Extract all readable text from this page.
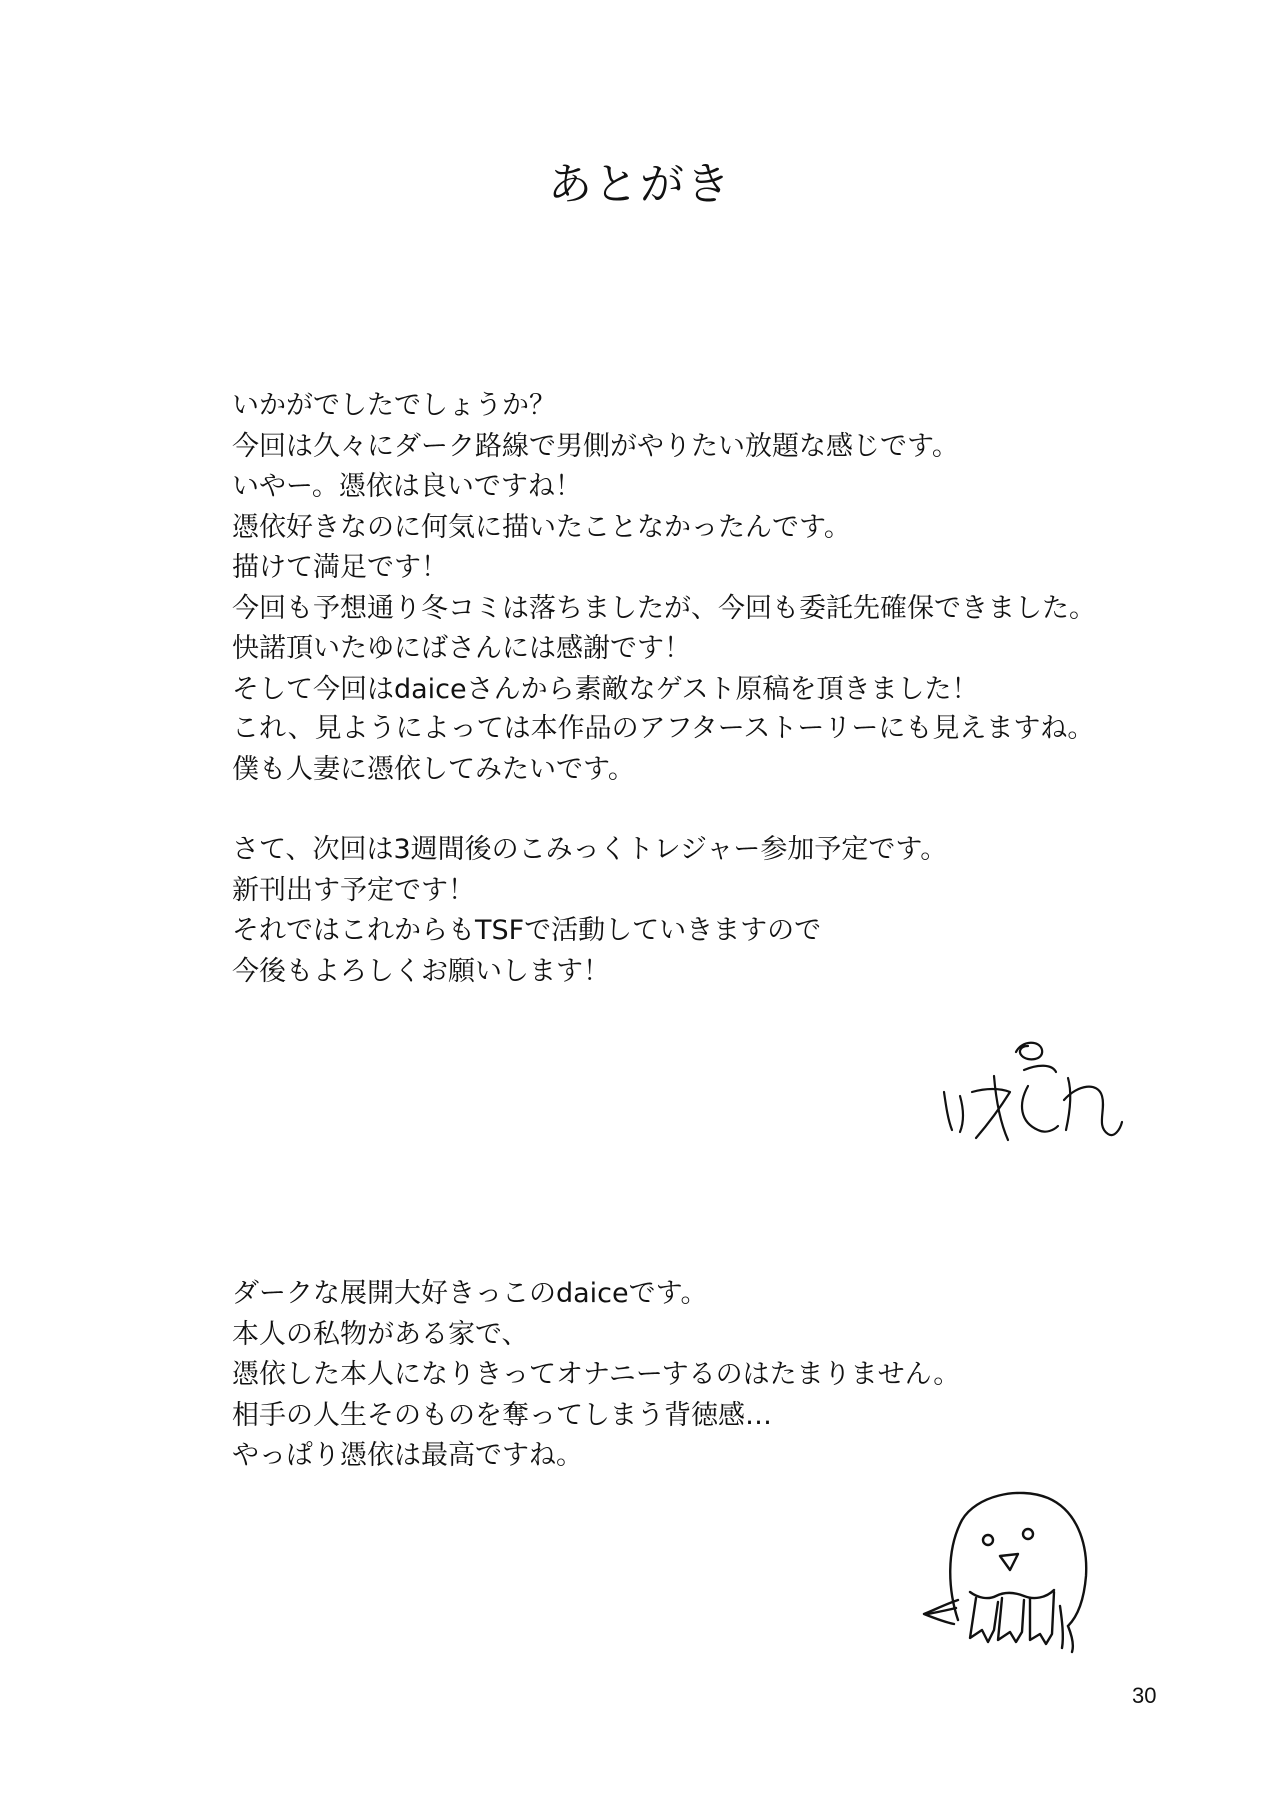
あとがき
いかがでしたでしょうか？
今回は久々にダーク路線で男側がやりたい放題な感じです。
いやー。憑依は良いですね！
憑依好きなのに何気に描いたことなかったんです。
描けて満足です！
今回も予想通り冬コミは落ちましたが、今回も委託先確保できました。
快諾頂いたゆにばさんには感謝です！
そして今回はdaiceさんから素敵なゲスト原稿を頂きました！
これ、見ようによっては本作品のアフターストーリーにも見えますね。
僕も人妻に憑依してみたいです。
さて、次回は3週間後のこみっくトレジャー参加予定です。
新刊出す予定です！
それではこれからもTSFで活動していきますので
今後もよろしくお願いします！
ダークな展開大好きっこのdaiceです。
本人の私物がある家で、
憑依した本人になりきってオナニーするのはたまりません。
相手の人生そのものを奪ってしまう背徳感…
やっぱり憑依は最高ですね。
30
